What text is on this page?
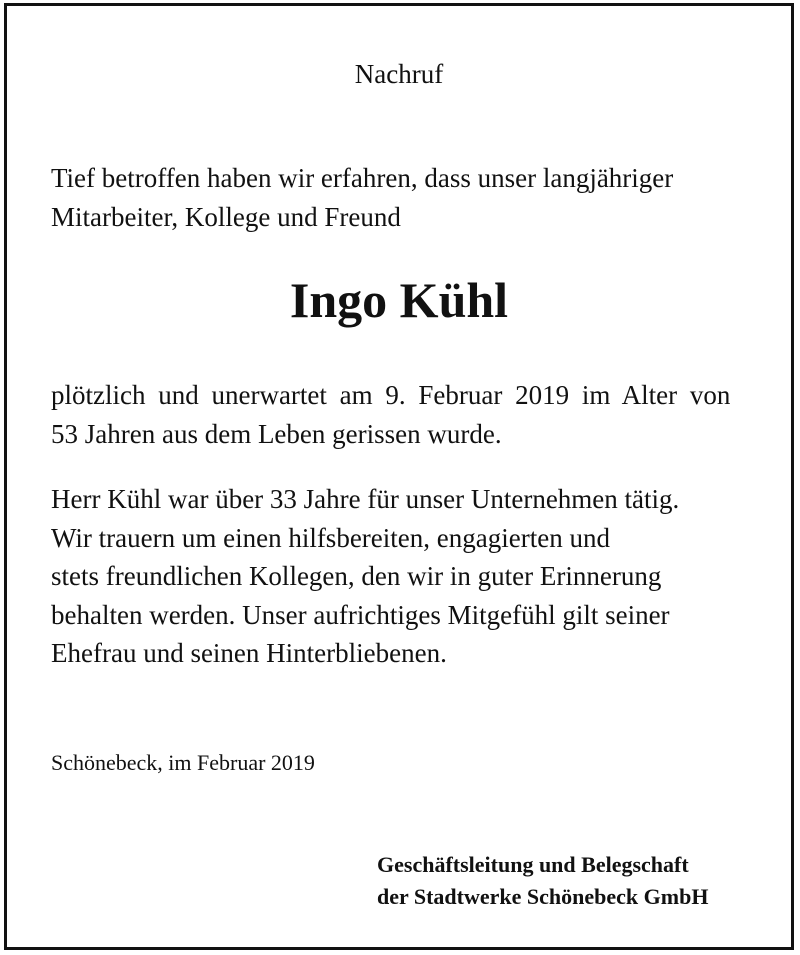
Nachruf

Tief betroffen haben wir erfahren, dass unser langjähriger
Mitarbeiter, Kollege und Freund

Ingo Kühl

plötzlich und unerwartet am 9. Februar 2019 im Alter von
53 Jahren aus dem Leben gerissen wurde.

Herr Kühl war über 33 Jahre für unser Unternehmen tätig.
Wir trauern um einen hilfsbereiten, engagierten und
stets freundlichen Kollegen, den wir in guter Erinnerung
behalten werden. Unser aufrichtiges Mitgefühl gilt seiner
Ehefrau und seinen Hinterbliebenen.

Schönebeck, im Februar 2019
Geschäftsleitung und Belegschaft
der Stadtwerke Schönebeck GmbH
